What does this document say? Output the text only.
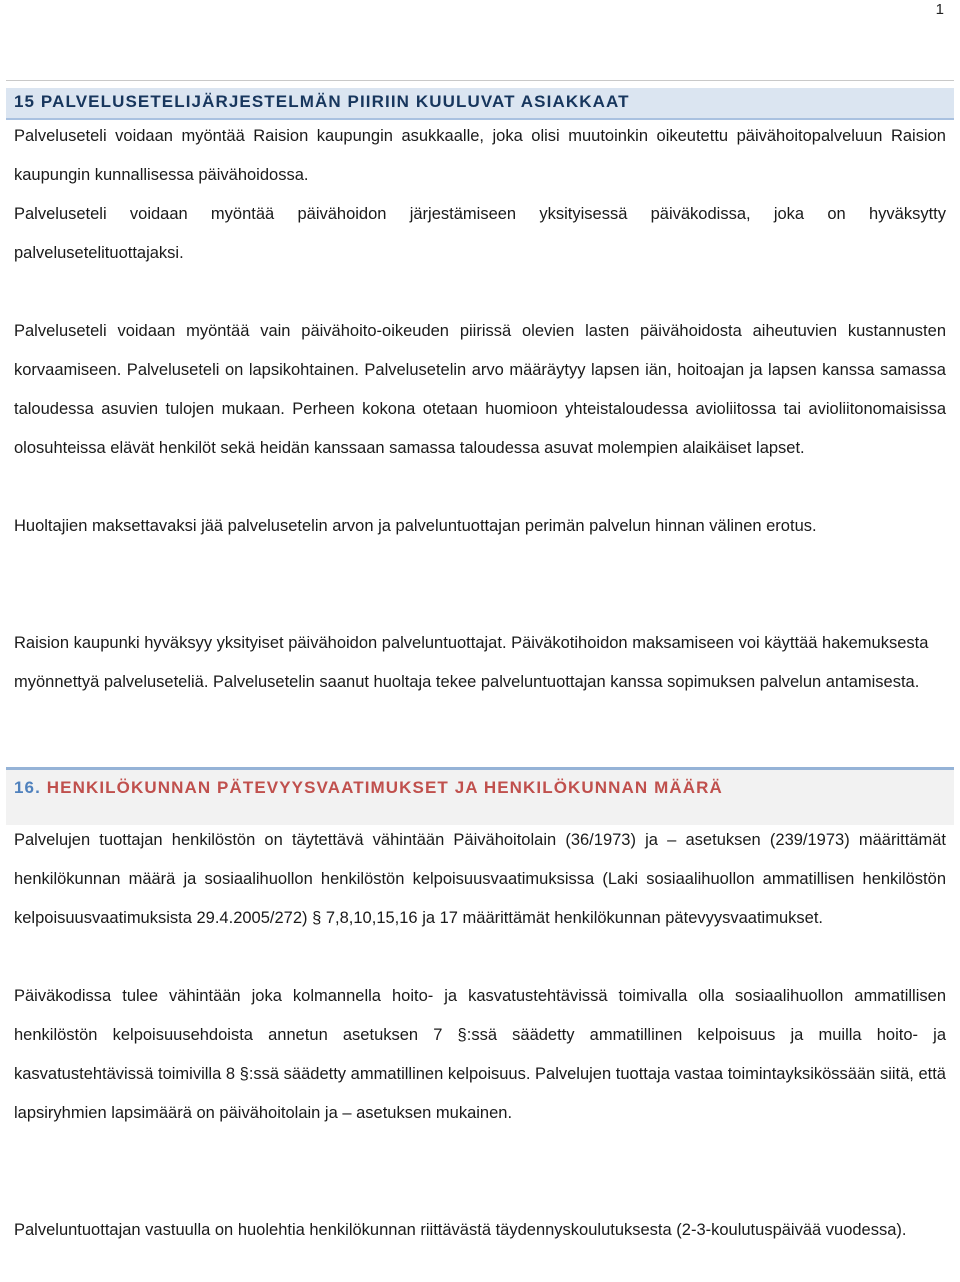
1
15 PALVELUSETELIJÄRJESTELMÄN PIIRIIN KUULUVAT ASIAKKAAT

Palveluseteli voidaan myöntää Raision kaupungin asukkaalle, joka olisi muutoinkin oikeutettu päivähoitopalveluun Raision kaupungin kunnallisessa päivähoidossa.

Palveluseteli voidaan myöntää päivähoidon järjestämiseen yksityisessä päiväkodissa, joka on hyväksytty palvelusetelituottajaksi.

Palveluseteli voidaan myöntää vain päivähoito-oikeuden piirissä olevien lasten päivähoidosta aiheutuvien kustannusten korvaamiseen. Palveluseteli on lapsikohtainen. Palvelusetelin arvo määräytyy lapsen iän, hoitoajan ja lapsen kanssa samassa taloudessa asuvien tulojen mukaan. Perheen kokona otetaan huomioon yhteistaloudessa avioliitossa tai avioliitonomaisissa olosuhteissa elävät henkilöt sekä heidän kanssaan samassa taloudessa asuvat molempien alaikäiset lapset.

Huoltajien maksettavaksi jää palvelusetelin arvon ja palveluntuottajan perimän palvelun hinnan välinen erotus.

Raision kaupunki hyväksyy yksityiset päivähoidon palveluntuottajat. Päiväkotihoidon maksamiseen voi käyttää hakemuksesta myönnettyä palveluseteliä. Palvelusetelin saanut huoltaja tekee palveluntuottajan kanssa sopimuksen palvelun antamisesta.

16. HENKILÖKUNNAN PÄTEVYYSVAATIMUKSET JA HENKILÖKUNNAN MÄÄRÄ

Palvelujen tuottajan henkilöstön on täytettävä vähintään Päivähoitolain (36/1973) ja – asetuksen (239/1973) määrittämät henkilökunnan määrä ja sosiaalihuollon henkilöstön kelpoisuusvaatimuksissa (Laki sosiaalihuollon ammatillisen henkilöstön kelpoisuusvaatimuksista 29.4.2005/272) § 7,8,10,15,16 ja 17 määrittämät henkilökunnan pätevyysvaatimukset.

Päiväkodissa tulee vähintään joka kolmannella hoito- ja kasvatustehtävissä toimivalla olla sosiaalihuollon ammatillisen henkilöstön kelpoisuusehdoista annetun asetuksen 7 §:ssä säädetty ammatillinen kelpoisuus ja muilla hoito- ja kasvatustehtävissä toimivilla 8 §:ssä säädetty ammatillinen kelpoisuus. Palvelujen tuottaja vastaa toimintayksikössään siitä, että lapsiryhmien lapsimäärä on päivähoitolain ja – asetuksen mukainen.

Palveluntuottajan vastuulla on huolehtia henkilökunnan riittävästä täydennyskoulutuksesta (2-3-koulutuspäivää vuodessa).
